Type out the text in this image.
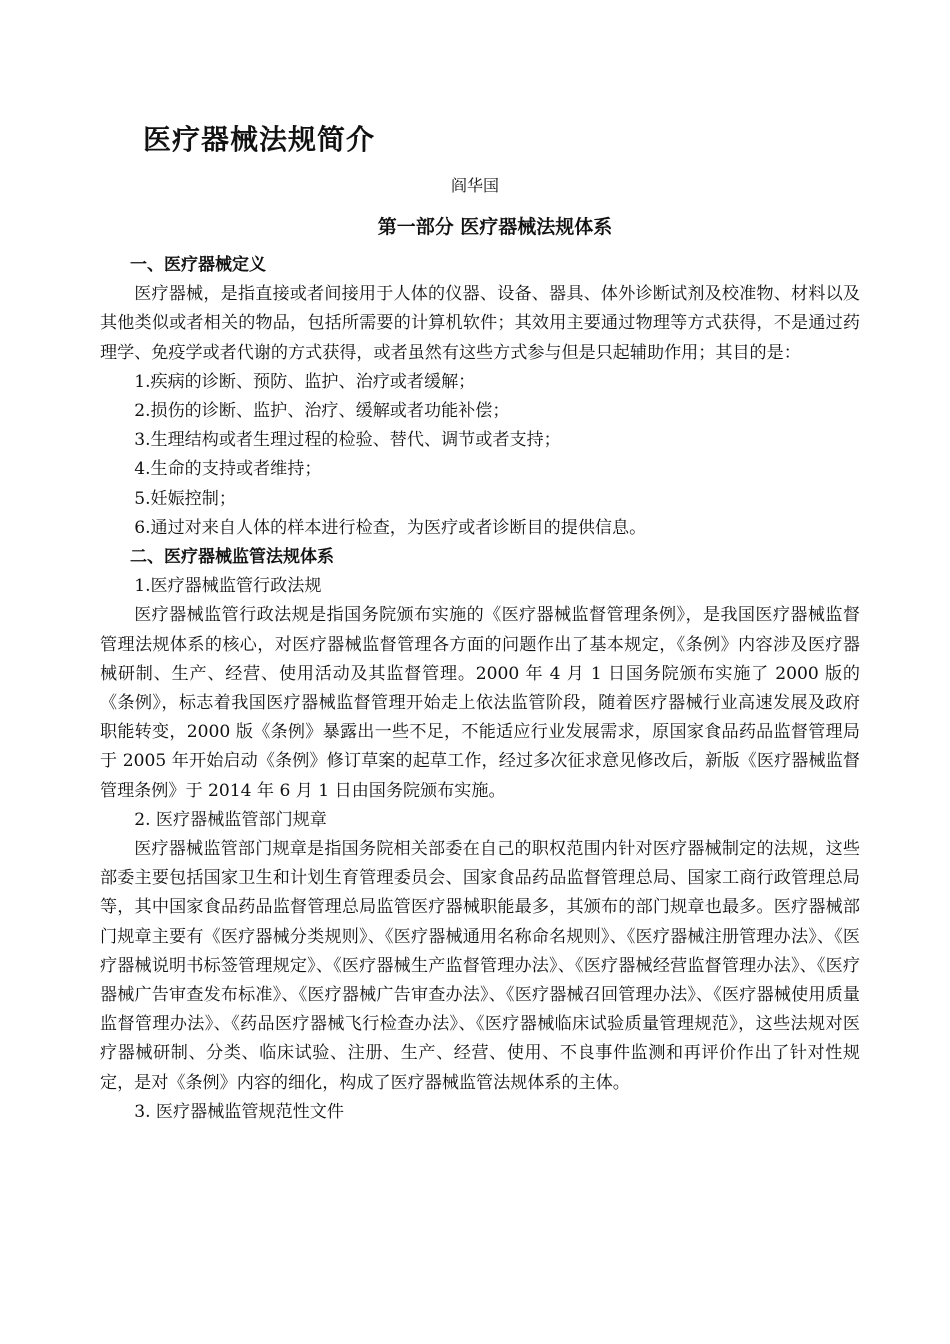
医疗器械法规简介

阎华国

第一部分 医疗器械法规体系

一、医疗器械定义

医疗器械，是指直接或者间接用于人体的仪器、设备、器具、体外诊断试剂及校准物、材料以及其他类似或者相关的物品，包括所需要的计算机软件；其效用主要通过物理等方式获得，不是通过药理学、免疫学或者代谢的方式获得，或者虽然有这些方式参与但是只起辅助作用；其目的是：

1.疾病的诊断、预防、监护、治疗或者缓解；

2.损伤的诊断、监护、治疗、缓解或者功能补偿；

3.生理结构或者生理过程的检验、替代、调节或者支持；

4.生命的支持或者维持；

5.妊娠控制；

6.通过对来自人体的样本进行检查，为医疗或者诊断目的提供信息。

二、医疗器械监管法规体系

1.医疗器械监管行政法规

医疗器械监管行政法规是指国务院颁布实施的《医疗器械监督管理条例》，是我国医疗器械监督管理法规体系的核心，对医疗器械监督管理各方面的问题作出了基本规定，《条例》内容涉及医疗器械研制、生产、经营、使用活动及其监督管理。2000 年 4 月 1 日国务院颁布实施了 2000 版的《条例》，标志着我国医疗器械监督管理开始走上依法监管阶段，随着医疗器械行业高速发展及政府职能转变，2000 版《条例》暴露出一些不足，不能适应行业发展需求，原国家食品药品监督管理局于 2005 年开始启动《条例》修订草案的起草工作，经过多次征求意见修改后，新版《医疗器械监督管理条例》于 2014 年 6 月 1 日由国务院颁布实施。

2. 医疗器械监管部门规章

医疗器械监管部门规章是指国务院相关部委在自己的职权范围内针对医疗器械制定的法规，这些部委主要包括国家卫生和计划生育管理委员会、国家食品药品监督管理总局、国家工商行政管理总局等，其中国家食品药品监督管理总局监管医疗器械职能最多，其颁布的部门规章也最多。医疗器械部门规章主要有《医疗器械分类规则》、《医疗器械通用名称命名规则》、《医疗器械注册管理办法》、《医疗器械说明书标签管理规定》、《医疗器械生产监督管理办法》、《医疗器械经营监督管理办法》、《医疗器械广告审查发布标准》、《医疗器械广告审查办法》、《医疗器械召回管理办法》、《医疗器械使用质量监督管理办法》、《药品医疗器械飞行检查办法》、《医疗器械临床试验质量管理规范》，这些法规对医疗器械研制、分类、临床试验、注册、生产、经营、使用、不良事件监测和再评价作出了针对性规定，是对《条例》内容的细化，构成了医疗器械监管法规体系的主体。

3. 医疗器械监管规范性文件
